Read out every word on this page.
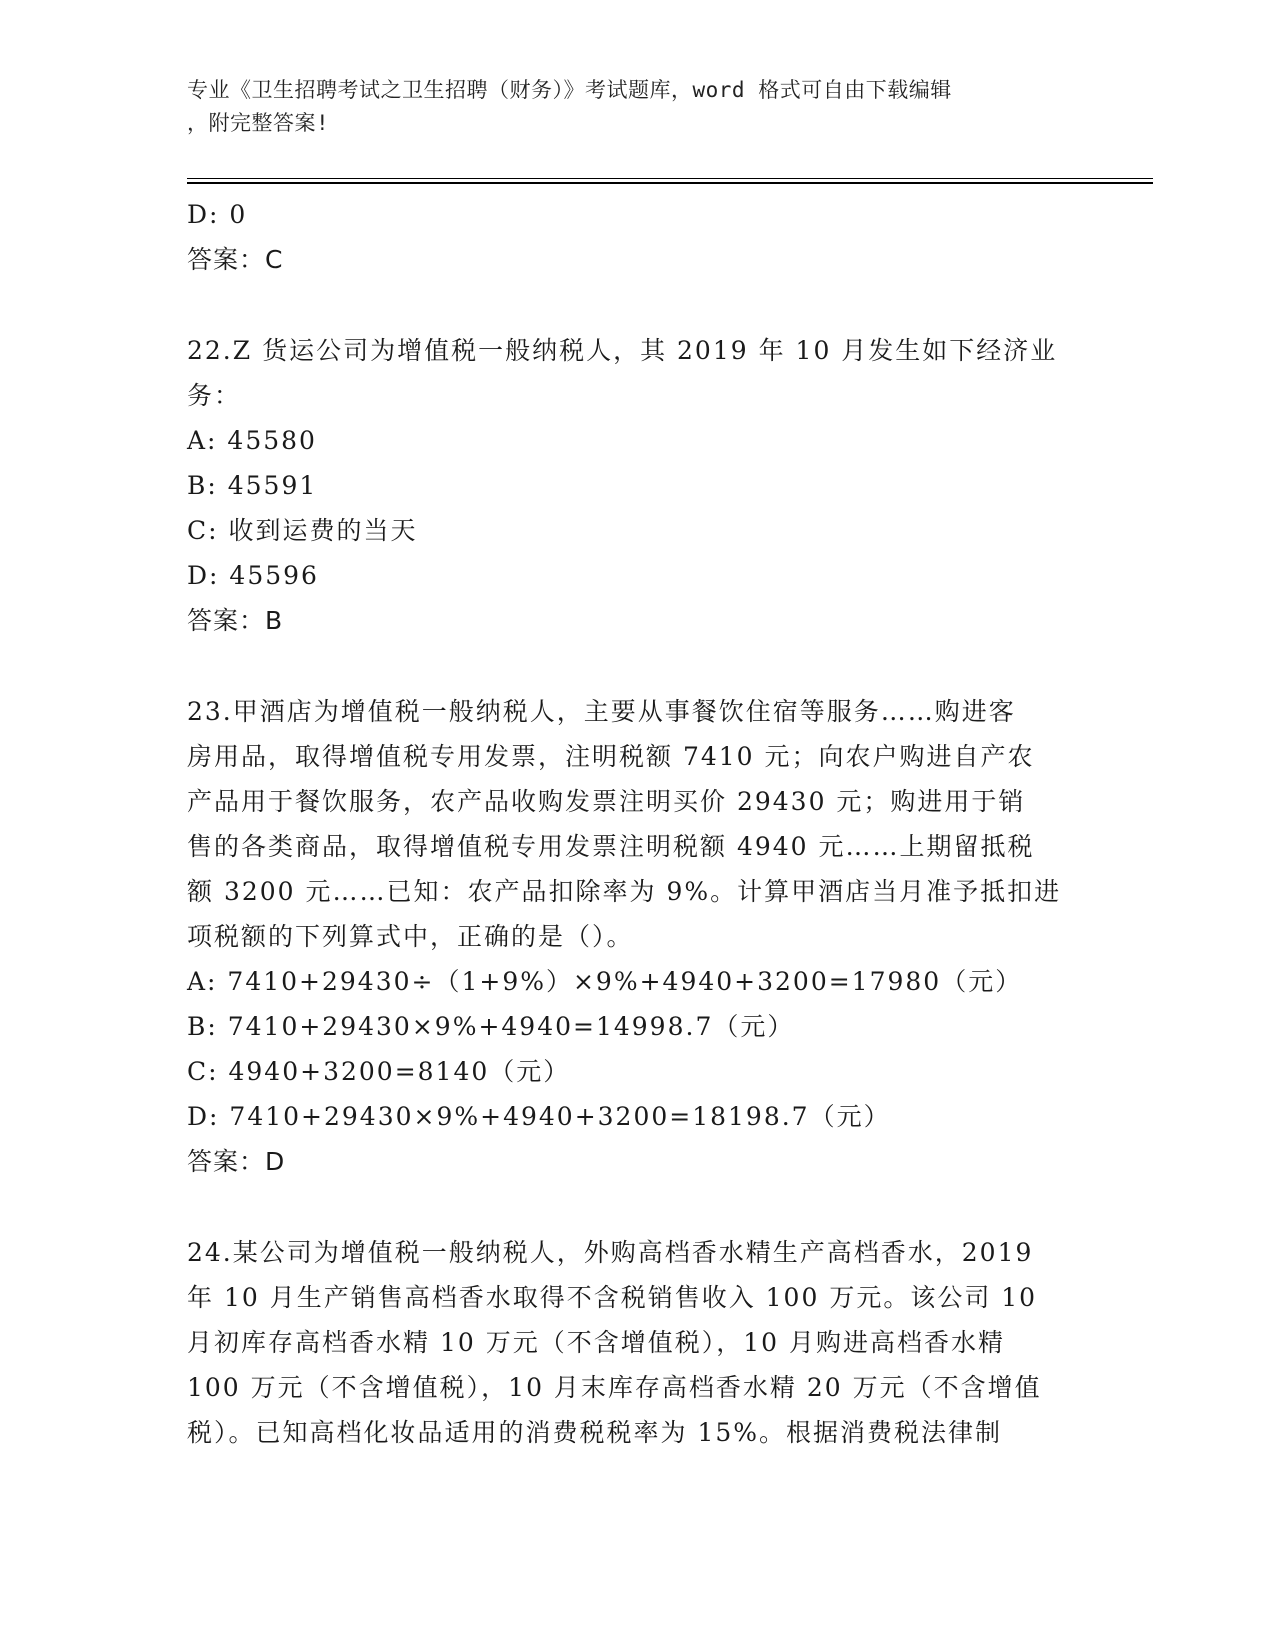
专业《卫生招聘考试之卫生招聘（财务）》考试题库，word 格式可自由下载编辑
，附完整答案!
D: 0
答案：C
22.Z 货运公司为增值税一般纳税人，其 2019 年 10 月发生如下经济业
务：
A: 45580
B: 45591
C: 收到运费的当天
D: 45596
答案：B
23.甲酒店为增值税一般纳税人，主要从事餐饮住宿等服务……购进客
房用品，取得增值税专用发票，注明税额 7410 元；向农户购进自产农
产品用于餐饮服务，农产品收购发票注明买价 29430 元；购进用于销
售的各类商品，取得增值税专用发票注明税额 4940 元……上期留抵税
额 3200 元……已知：农产品扣除率为 9%。计算甲酒店当月准予抵扣进
项税额的下列算式中，正确的是（）。
A: 7410+29430÷（1+9%）×9%+4940+3200=17980（元）
B: 7410+29430×9%+4940=14998.7（元）
C: 4940+3200=8140（元）
D: 7410+29430×9%+4940+3200=18198.7（元）
答案：D
24.某公司为增值税一般纳税人，外购高档香水精生产高档香水，2019
年 10 月生产销售高档香水取得不含税销售收入 100 万元。该公司 10
月初库存高档香水精 10 万元（不含增值税），10 月购进高档香水精
100 万元（不含增值税），10 月末库存高档香水精 20 万元（不含增值
税）。已知高档化妆品适用的消费税税率为 15%。根据消费税法律制
